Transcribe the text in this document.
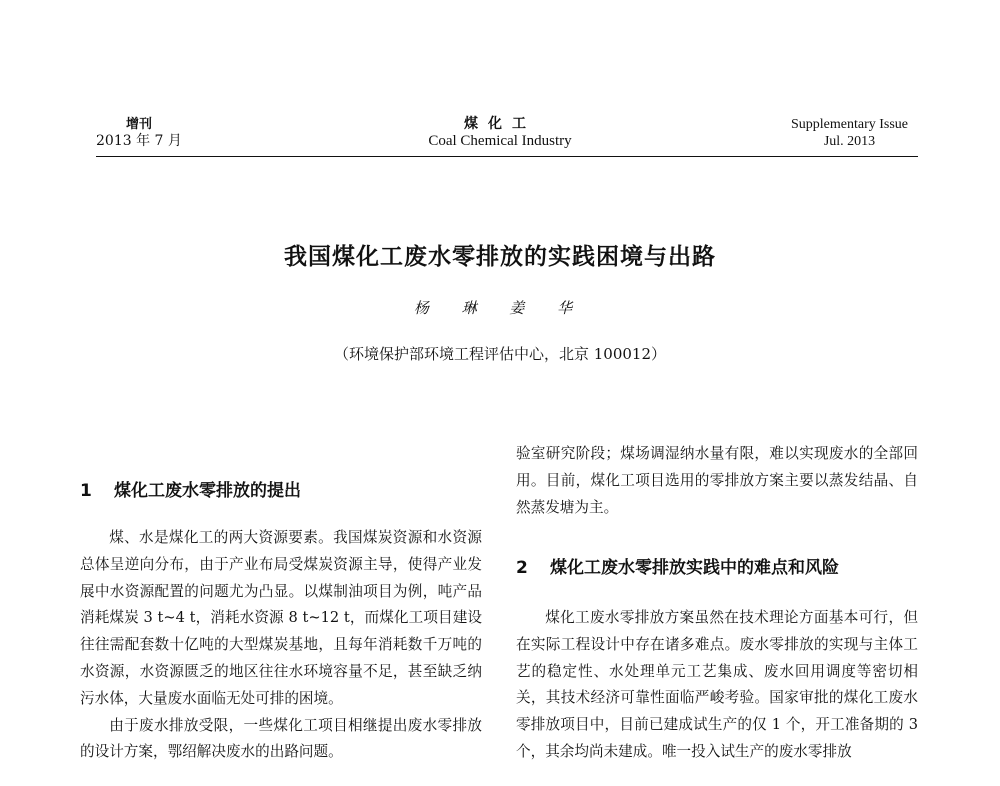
增刊
2013 年 7 月
煤化工
Coal Chemical Industry
Supplementary Issue
Jul. 2013
我国煤化工废水零排放的实践困境与出路
杨 琳 姜 华
（环境保护部环境工程评估中心，北京 100012）
1 煤化工废水零排放的提出

煤、水是煤化工的两大资源要素。我国煤炭资源和水资源总体呈逆向分布，由于产业布局受煤炭资源主导，使得产业发展中水资源配置的问题尤为凸显。以煤制油项目为例，吨产品消耗煤炭 3 t~4 t，消耗水资源 8 t~12 t，而煤化工项目建设往往需配套数十亿吨的大型煤炭基地，且每年消耗数千万吨的水资源，水资源匮乏的地区往往水环境容量不足，甚至缺乏纳污水体，大量废水面临无处可排的困境。

由于废水排放受限，一些煤化工项目相继提出废水零排放的设计方案，鄂绍解决废水的出路问题。

验室研究阶段；煤场调湿纳水量有限，难以实现废水的全部回用。目前，煤化工项目选用的零排放方案主要以蒸发结晶、自然蒸发塘为主。

2 煤化工废水零排放实践中的难点和风险

煤化工废水零排放方案虽然在技术理论方面基本可行，但在实际工程设计中存在诸多难点。废水零排放的实现与主体工艺的稳定性、水处理单元工艺集成、废水回用调度等密切相关，其技术经济可靠性面临严峻考验。国家审批的煤化工废水零排放项目中，目前已建成试生产的仅 1 个，开工准备期的 3 个，其余均尚未建成。唯一投入试生产的废水零排放
